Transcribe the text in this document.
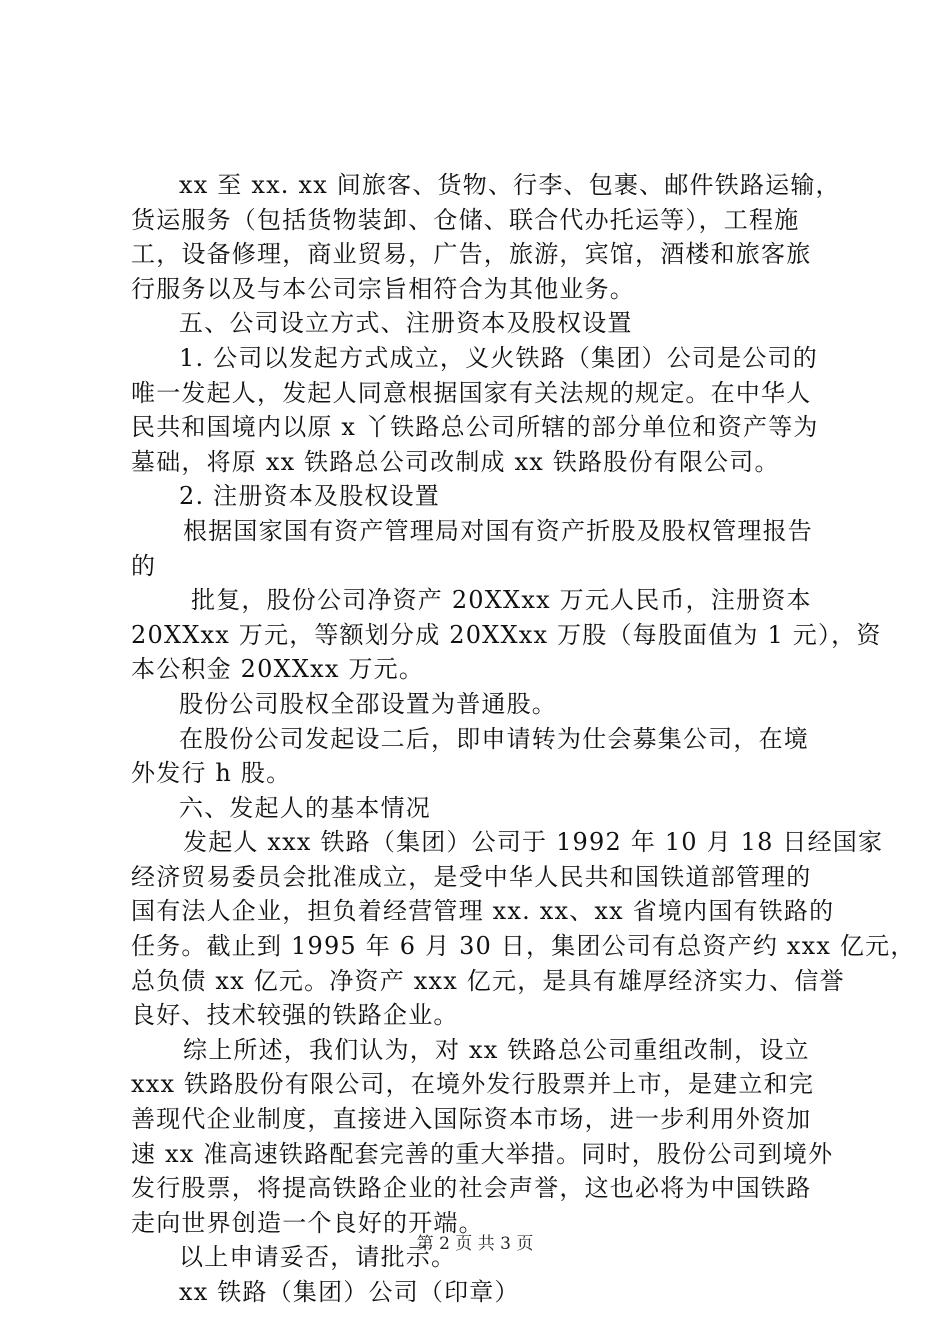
xx 至 xx. xx 间旅客、货物、行李、包裹、邮件铁路运输，
货运服务（包括货物装卸、仓储、联合代办托运等），工程施
工，设备修理，商业贸易，广告，旅游，宾馆，酒楼和旅客旅
行服务以及与本公司宗旨相符合为其他业务。
五、公司设立方式、注册资本及股权设置
1. 公司以发起方式成立，义火铁路（集团）公司是公司的
唯一发起人，发起人同意根据国家有关法规的规定。在中华人
民共和国境内以原 x 丫铁路总公司所辖的部分单位和资产等为
墓础，将原 xx 铁路总公司改制成 xx 铁路股份有限公司。
2. 注册资本及股权设置
根据国家国有资产管理局对国有资产折股及股权管理报告
的
批复，股份公司净资产 20XXxx 万元人民币，注册资本
20XXxx 万元，等额划分成 20XXxx 万股（每股面值为 1 元），资
本公积金 20XXxx 万元。
股份公司股权全邵设置为普通股。
在股份公司发起设二后，即申请转为仕会募集公司，在境
外发行 h 股。
六、发起人的基本情况
发起人 xxx 铁路（集团）公司于 1992 年 10 月 18 日经国家
经济贸易委员会批准成立，是受中华人民共和国铁道部管理的
国有法人企业，担负着经营管理 xx. xx、xx 省境内国有铁路的
任务。截止到 1995 年 6 月 30 日，集团公司有总资产约 xxx 亿元，
总负债 xx 亿元。净资产 xxx 亿元，是具有雄厚经济实力、信誉
良好、技术较强的铁路企业。
综上所述，我们认为，对 xx 铁路总公司重组改制，设立
xxx 铁路股份有限公司，在境外发行股票并上市，是建立和完
善现代企业制度，直接进入国际资本市场，进一步利用外资加
速 xx 准高速铁路配套完善的重大举措。同时，股份公司到境外
发行股票，将提高铁路企业的社会声誉，这也必将为中国铁路
走向世界创造一个良好的开端。
以上申请妥否，请批示。
xx 铁路（集团）公司（印章）
第 2 页 共 3 页
